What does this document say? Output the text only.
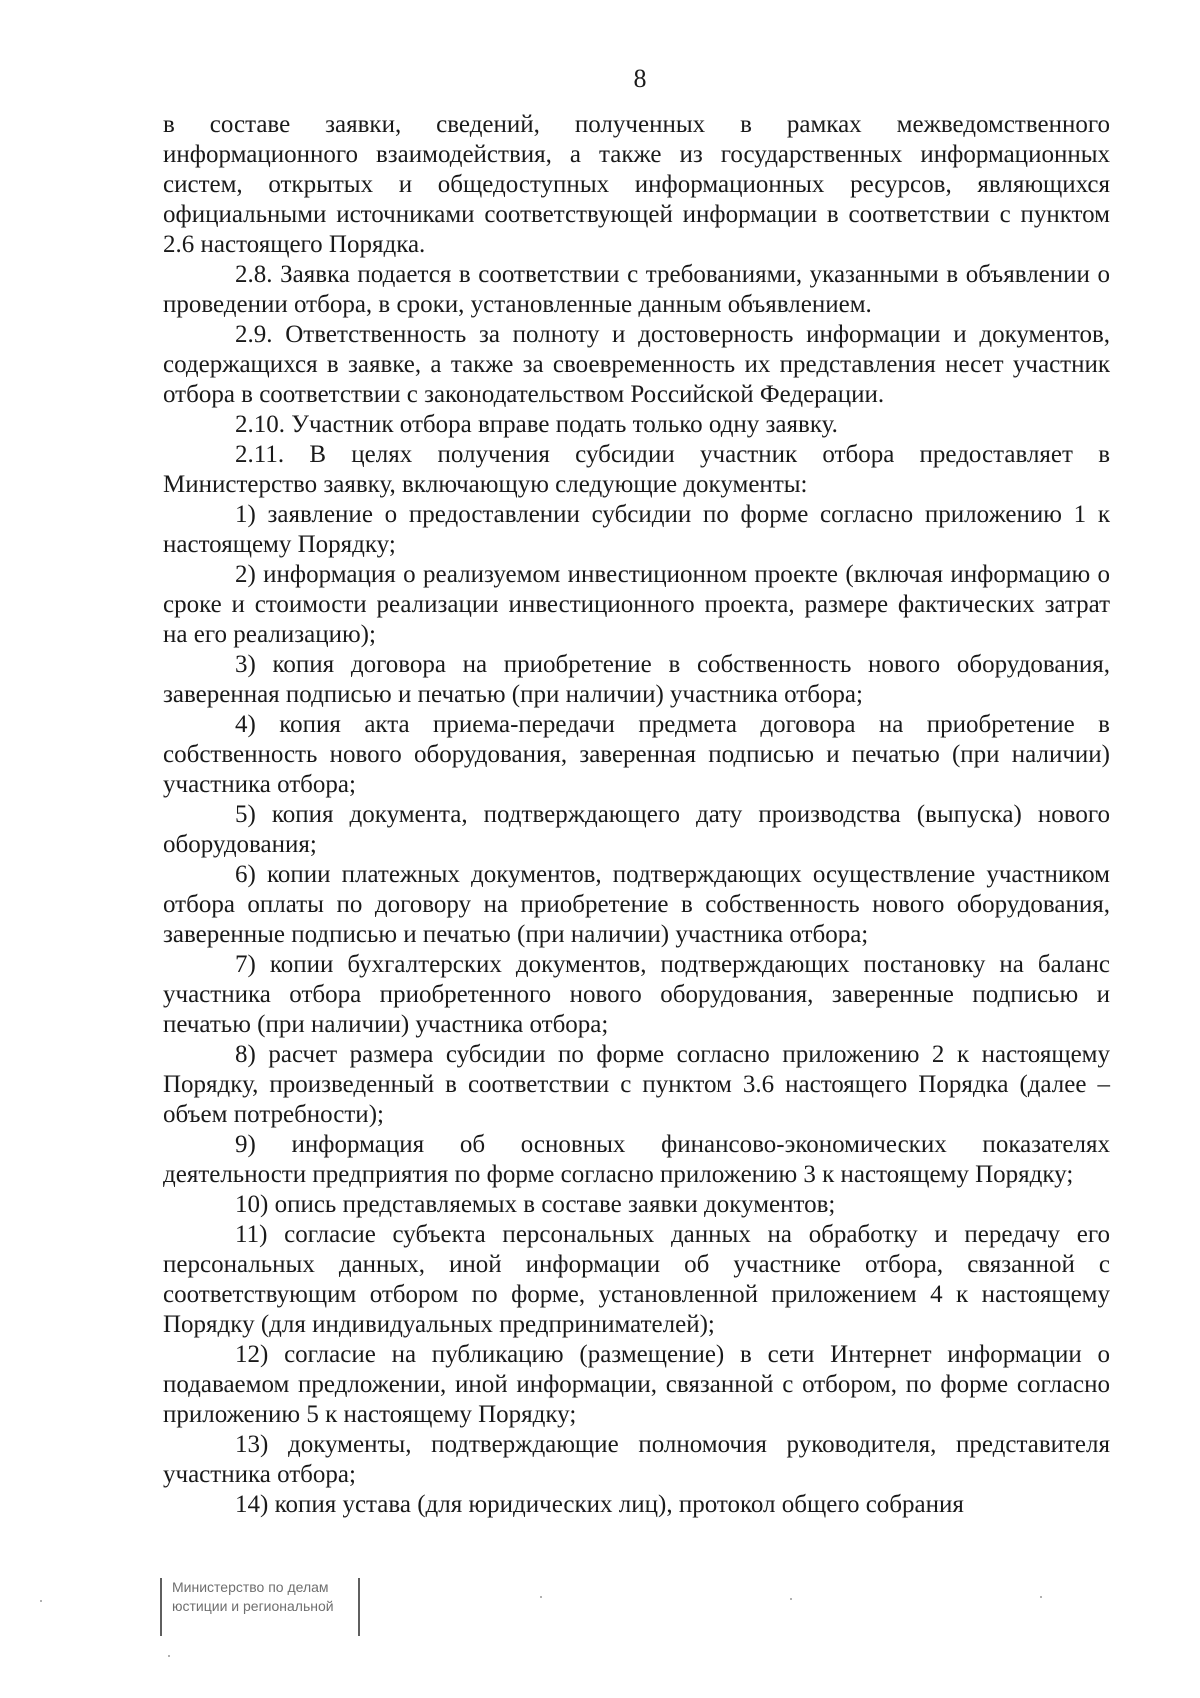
8

в составе заявки, сведений, полученных в рамках межведомственного информационного взаимодействия, а также из государственных информационных систем, открытых и общедоступных информационных ресурсов, являющихся официальными источниками соответствующей информации в соответствии с пунктом 2.6 настоящего Порядка.

2.8. Заявка подается в соответствии с требованиями, указанными в объявлении о проведении отбора, в сроки, установленные данным объявлением.

2.9. Ответственность за полноту и достоверность информации и документов, содержащихся в заявке, а также за своевременность их представления несет участник отбора в соответствии с законодательством Российской Федерации.

2.10. Участник отбора вправе подать только одну заявку.

2.11. В целях получения субсидии участник отбора предоставляет в Министерство заявку, включающую следующие документы:

1) заявление о предоставлении субсидии по форме согласно приложению 1 к настоящему Порядку;

2) информация о реализуемом инвестиционном проекте (включая информацию о сроке и стоимости реализации инвестиционного проекта, размере фактических затрат на его реализацию);

3) копия договора на приобретение в собственность нового оборудования, заверенная подписью и печатью (при наличии) участника отбора;

4) копия акта приема-передачи предмета договора на приобретение в собственность нового оборудования, заверенная подписью и печатью (при наличии) участника отбора;

5) копия документа, подтверждающего дату производства (выпуска) нового оборудования;

6) копии платежных документов, подтверждающих осуществление участником отбора оплаты по договору на приобретение в собственность нового оборудования, заверенные подписью и печатью (при наличии) участника отбора;

7) копии бухгалтерских документов, подтверждающих постановку на баланс участника отбора приобретенного нового оборудования, заверенные подписью и печатью (при наличии) участника отбора;

8) расчет размера субсидии по форме согласно приложению 2 к настоящему Порядку, произведенный в соответствии с пунктом 3.6 настоящего Порядка (далее – объем потребности);

9) информация об основных финансово-экономических показателях деятельности предприятия по форме согласно приложению 3 к настоящему Порядку;

10) опись представляемых в составе заявки документов;

11) согласие субъекта персональных данных на обработку и передачу его персональных данных, иной информации об участнике отбора, связанной с соответствующим отбором по форме, установленной приложением 4 к настоящему Порядку (для индивидуальных предпринимателей);

12) согласие на публикацию (размещение) в сети Интернет информации о подаваемом предложении, иной информации, связанной с отбором, по форме согласно приложению 5 к настоящему Порядку;

13) документы, подтверждающие полномочия руководителя, представителя участника отбора;

14) копия устава (для юридических лиц), протокол общего собрания

Министерство по делам
юстиции и региональной
